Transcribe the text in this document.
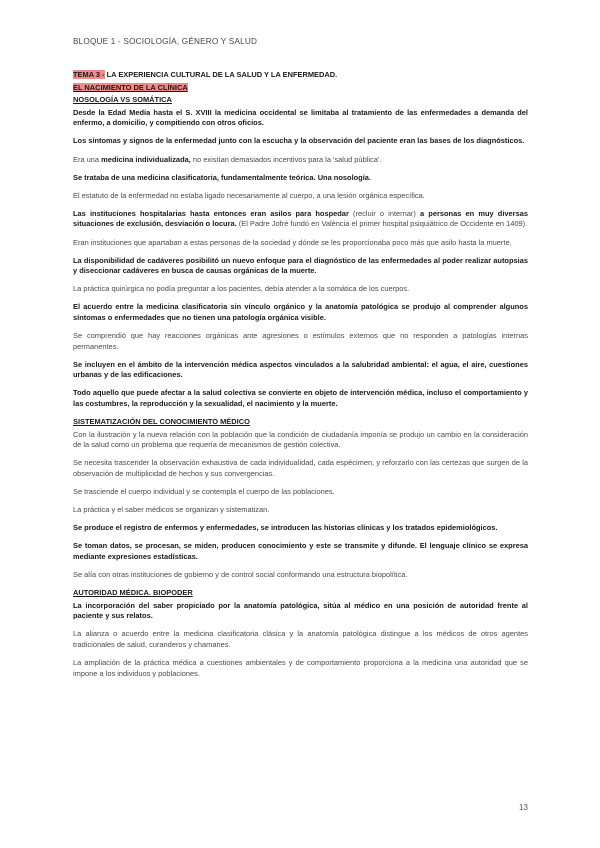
BLOQUE 1 - SOCIOLOGÍA, GÉNERO Y SALUD

TEMA 3 - LA EXPERIENCIA CULTURAL DE LA SALUD Y LA ENFERMEDAD.

EL NACIMIENTO DE LA CLÍNICA

NOSOLOGÍA VS SOMÁTICA

Desde la Edad Media hasta el S. XVIII la medicina occidental se limitaba al tratamiento de las enfermedades a demanda del enfermo, a domicilio, y compitiendo con otros oficios.

Los síntomas y signos de la enfermedad junto con la escucha y la observación del paciente eran las bases de los diagnósticos.

Era una medicina individualizada, no existían demasiados incentivos para la 'salud pública'.

Se trataba de una medicina clasificatoria, fundamentalmente teórica. Una nosología.

El estatuto de la enfermedad no estaba ligado necesariamente al cuerpo, a una lesión orgánica específica.

Las instituciones hospitalarias hasta entonces eran asilos para hospedar (recluir o internar) a personas en muy diversas situaciones de exclusión, desviación o locura. (El Padre Jofré fundó en València el primer hospital psiquiátrico de Occidente en 1409).

Eran instituciones que apartaban a estas personas de la sociedad y dónde se les proporcionaba poco más que asilo hasta la muerte.

La disponibilidad de cadáveres posibilitó un nuevo enfoque para el diagnóstico de las enfermedades al poder realizar autopsias y diseccionar cadáveres en busca de causas orgánicas de la muerte.

La práctica quirúrgica no podía preguntar a los pacientes, debía atender a la somática de los cuerpos.

El acuerdo entre la medicina clasificatoria sin vínculo orgánico y la anatomía patológica se produjo al comprender algunos síntomas o enfermedades que no tienen una patología orgánica visible.

Se comprendió que hay reacciones orgánicas ante agresiones o estímulos externos que no responden a patologías internas permanentes.

Se incluyen en el ámbito de la intervención médica aspectos vinculados a la salubridad ambiental: el agua, el aire, cuestiones urbanas y de las edificaciones.

Todo aquello que puede afectar a la salud colectiva se convierte en objeto de intervención médica, incluso el comportamiento y las costumbres, la reproducción y la sexualidad, el nacimiento y la muerte.

SISTEMATIZACIÓN DEL CONOCIMIENTO MÉDICO

Con la ilustración y la nueva relación con la población que la condición de ciudadanía imponía se produjo un cambio en la consideración de la salud como un problema que requería de mecanismos de gestión colectiva.

Se necesita trascender la observación exhaustiva de cada individualidad, cada espécimen, y reforzarlo con las certezas que surgen de la observación de multiplicidad de hechos y sus convergencias.

Se trasciende el cuerpo individual y se contempla el cuerpo de las poblaciones.

La práctica y el saber médicos se organizan y sistematizan.

Se produce el registro de enfermos y enfermedades, se introducen las historias clínicas y los tratados epidemiológicos.

Se toman datos, se procesan, se miden, producen conocimiento y este se transmite y difunde. El lenguaje clínico se expresa mediante expresiones estadísticas.

Se alía con otras instituciones de gobierno y de control social conformando una estructura biopolítica.

AUTORIDAD MÉDICA. BIOPODER

La incorporación del saber propiciado por la anatomía patológica, sitúa al médico en una posición de autoridad frente al paciente y sus relatos.

La alianza o acuerdo entre la medicina clasificatoria clásica y la anatomía patológica distingue a los médicos de otros agentes tradicionales de salud, curanderos y chamanes.

La ampliación de la práctica médica a cuestiones ambientales y de comportamiento proporciona a la medicina una autoridad que se impone a los individuos y poblaciones.

13
